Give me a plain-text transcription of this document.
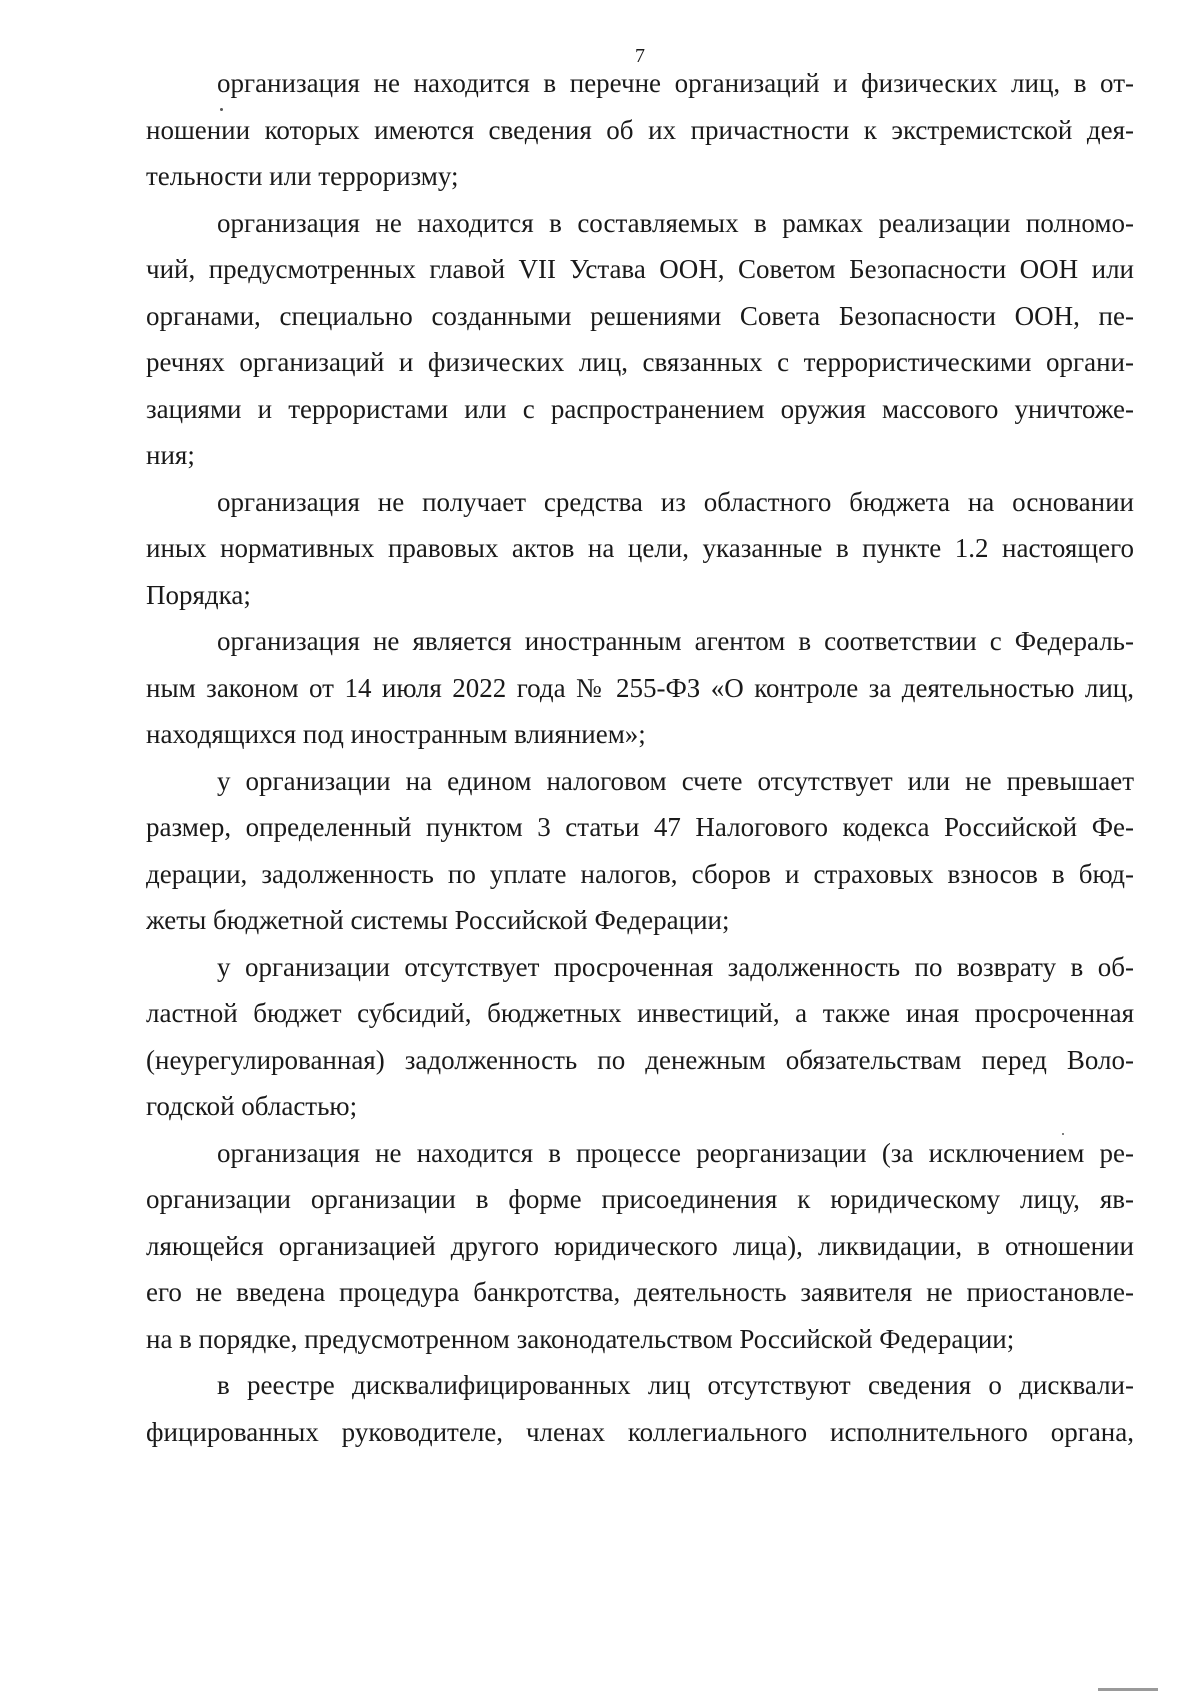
7
организация не находится в перечне организаций и физических лиц, в от-
ношении которых имеются сведения об их причастности к экстремистской дея-
тельности или терроризму;
организация не находится в составляемых в рамках реализации полномо-
чий, предусмотренных главой VII Устава ООН, Советом Безопасности ООН или
органами, специально созданными решениями Совета Безопасности ООН, пе-
речнях организаций и физических лиц, связанных с террористическими органи-
зациями и террористами или с распространением оружия массового уничтоже-
ния;
организация не получает средства из областного бюджета на основании
иных нормативных правовых актов на цели, указанные в пункте 1.2 настоящего
Порядка;
организация не является иностранным агентом в соответствии с Федераль-
ным законом от 14 июля 2022 года № 255-ФЗ «О контроле за деятельностью лиц,
находящихся под иностранным влиянием»;
у организации на едином налоговом счете отсутствует или не превышает
размер, определенный пунктом 3 статьи 47 Налогового кодекса Российской Фе-
дерации, задолженность по уплате налогов, сборов и страховых взносов в бюд-
жеты бюджетной системы Российской Федерации;
у организации отсутствует просроченная задолженность по возврату в об-
ластной бюджет субсидий, бюджетных инвестиций, а также иная просроченная
(неурегулированная) задолженность по денежным обязательствам перед Воло-
годской областью;
организация не находится в процессе реорганизации (за исключением ре-
организации организации в форме присоединения к юридическому лицу, яв-
ляющейся организацией другого юридического лица), ликвидации, в отношении
его не введена процедура банкротства, деятельность заявителя не приостановле-
на в порядке, предусмотренном законодательством Российской Федерации;
в реестре дисквалифицированных лиц отсутствуют сведения о дисквали-
фицированных руководителе, членах коллегиального исполнительного органа,
